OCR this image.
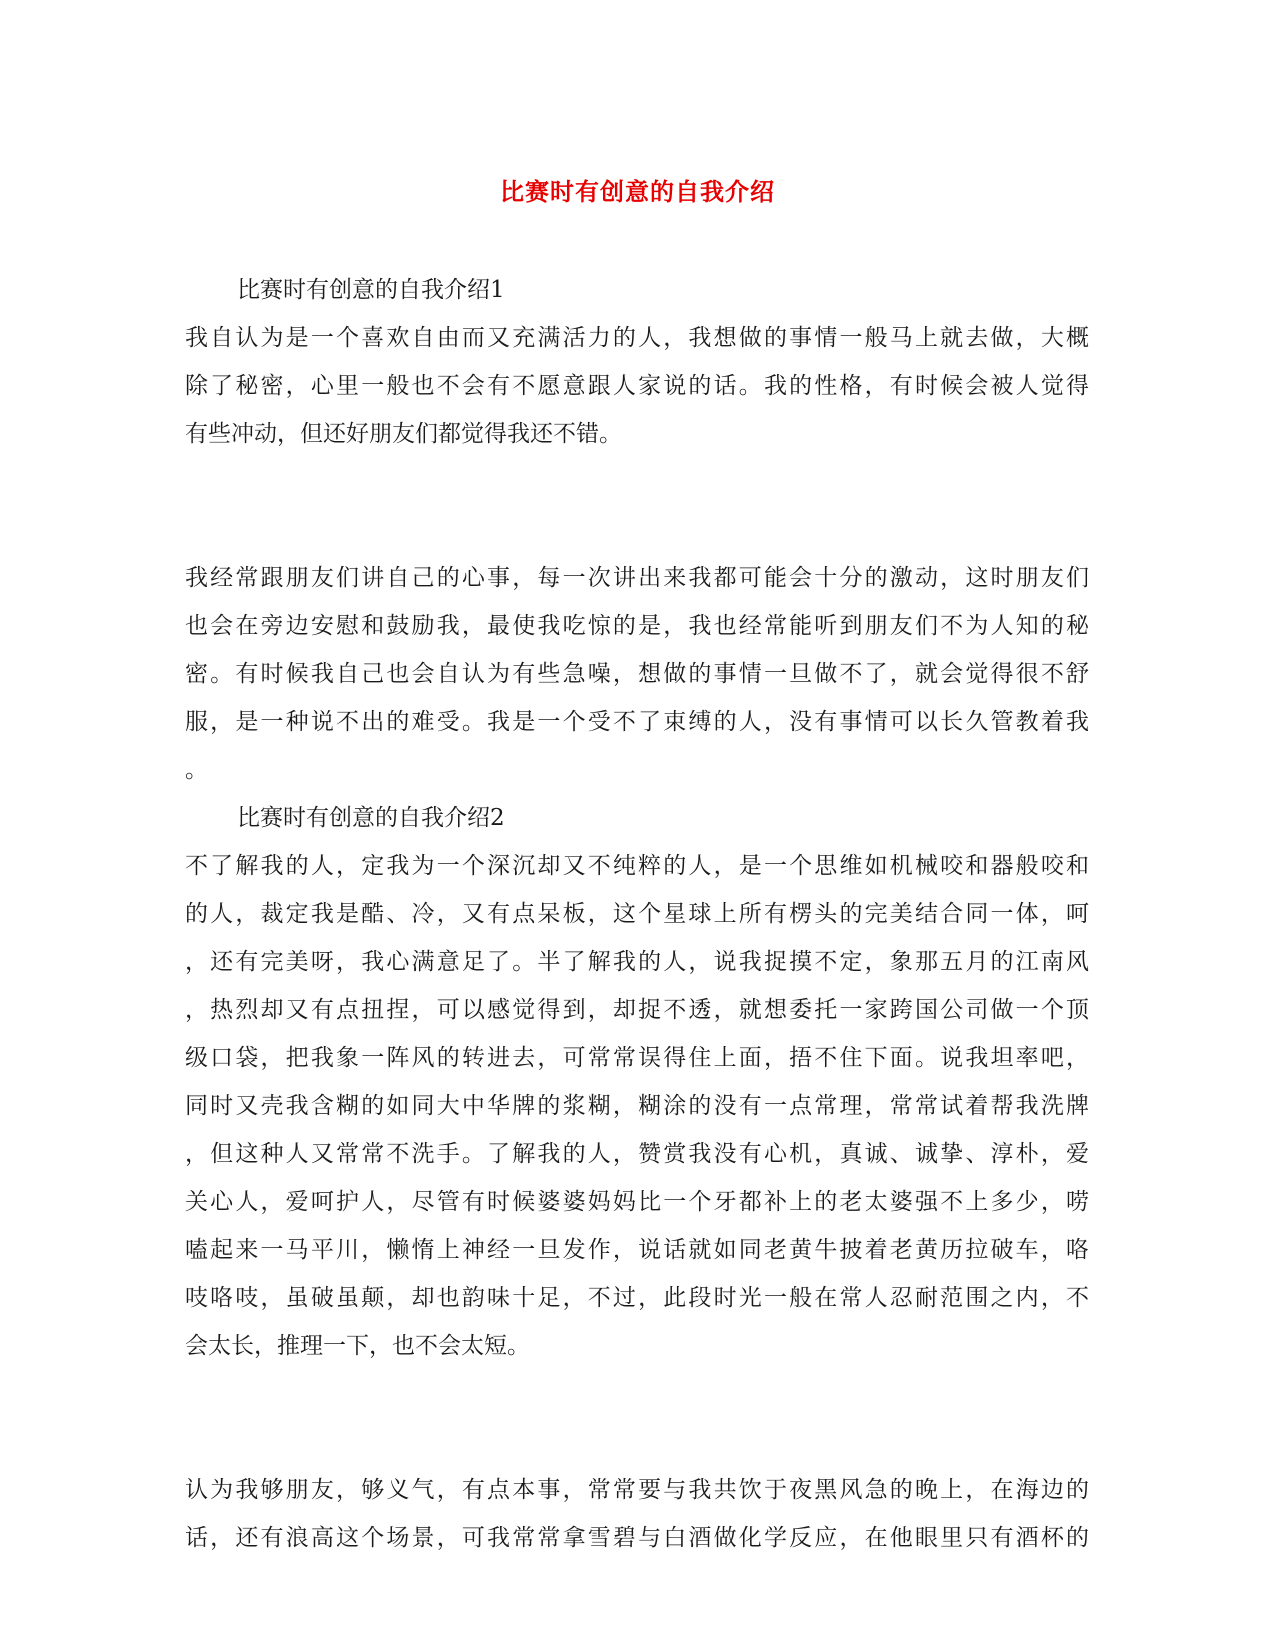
比赛时有创意的自我介绍
比赛时有创意的自我介绍1
我自认为是一个喜欢自由而又充满活力的人，我想做的事情一般马上就去做，大概
除了秘密，心里一般也不会有不愿意跟人家说的话。我的性格，有时候会被人觉得
有些冲动，但还好朋友们都觉得我还不错。
我经常跟朋友们讲自己的心事，每一次讲出来我都可能会十分的激动，这时朋友们
也会在旁边安慰和鼓励我，最使我吃惊的是，我也经常能听到朋友们不为人知的秘
密。有时候我自己也会自认为有些急噪，想做的事情一旦做不了，就会觉得很不舒
服，是一种说不出的难受。我是一个受不了束缚的人，没有事情可以长久管教着我
。
比赛时有创意的自我介绍2
不了解我的人，定我为一个深沉却又不纯粹的人，是一个思维如机械咬和器般咬和
的人，裁定我是酷、冷，又有点呆板，这个星球上所有楞头的完美结合同一体，呵
，还有完美呀，我心满意足了。半了解我的人，说我捉摸不定，象那五月的江南风
，热烈却又有点扭捏，可以感觉得到，却捉不透，就想委托一家跨国公司做一个顶
级口袋，把我象一阵风的转进去，可常常误得住上面，捂不住下面。说我坦率吧，
同时又壳我含糊的如同大中华牌的浆糊，糊涂的没有一点常理，常常试着帮我洗牌
，但这种人又常常不洗手。了解我的人，赞赏我没有心机，真诚、诚挚、淳朴，爱
关心人，爱呵护人，尽管有时候婆婆妈妈比一个牙都补上的老太婆强不上多少，唠
嗑起来一马平川，懒惰上神经一旦发作，说话就如同老黄牛披着老黄历拉破车，咯
吱咯吱，虽破虽颠，却也韵味十足，不过，此段时光一般在常人忍耐范围之内，不
会太长，推理一下，也不会太短。
认为我够朋友，够义气，有点本事，常常要与我共饮于夜黑风急的晚上，在海边的
话，还有浪高这个场景，可我常常拿雪碧与白酒做化学反应，在他眼里只有酒杯的
